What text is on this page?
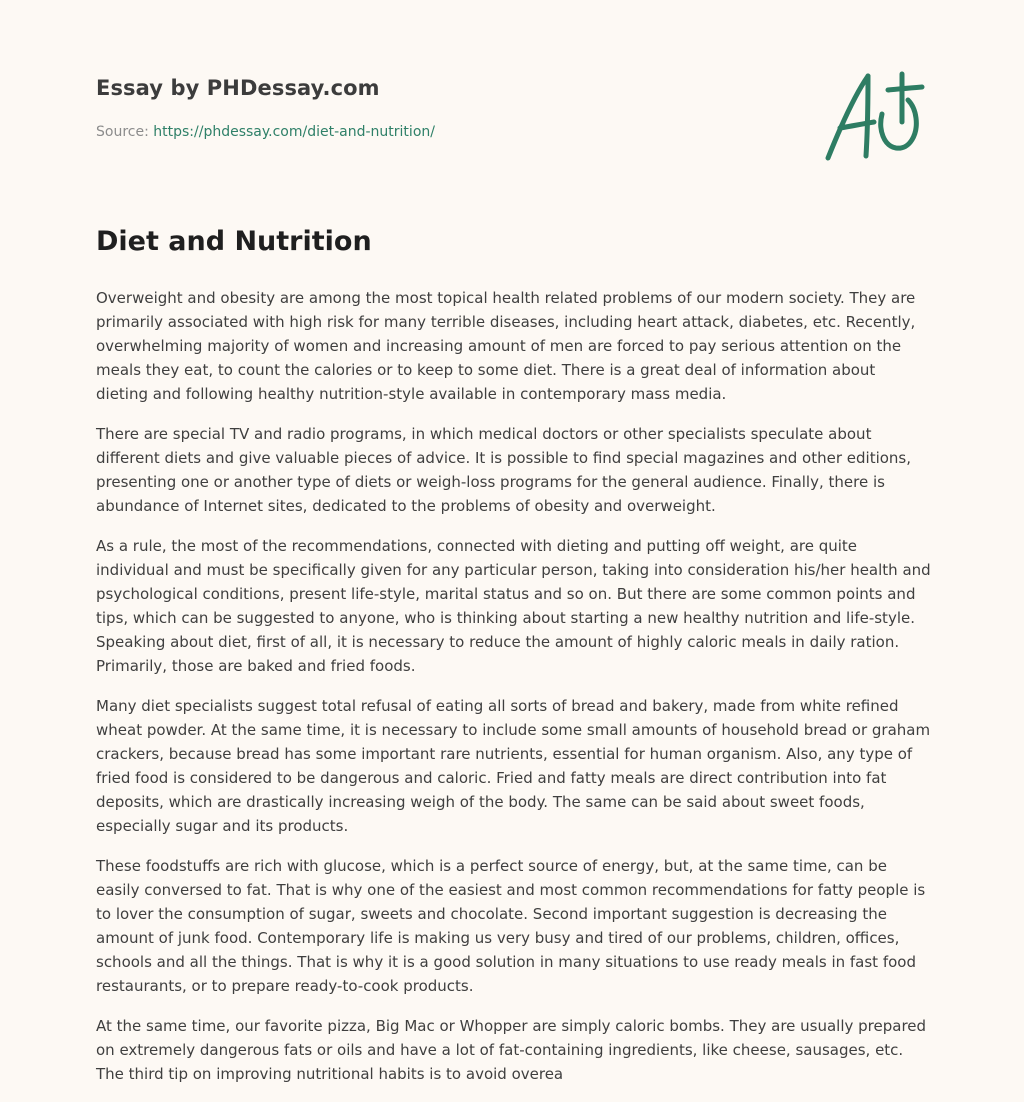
Essay by PHDessay.com
Source: https://phdessay.com/diet-and-nutrition/
Diet and Nutrition

Overweight and obesity are among the most topical health related problems of our modern society. They are primarily associated with high risk for many terrible diseases, including heart attack, diabetes, etc. Recently, overwhelming majority of women and increasing amount of men are forced to pay serious attention on the meals they eat, to count the calories or to keep to some diet. There is a great deal of information about dieting and following healthy nutrition-style available in contemporary mass media.

There are special TV and radio programs, in which medical doctors or other specialists speculate about different diets and give valuable pieces of advice. It is possible to find special magazines and other editions, presenting one or another type of diets or weigh-loss programs for the general audience. Finally, there is abundance of Internet sites, dedicated to the problems of obesity and overweight.

As a rule, the most of the recommendations, connected with dieting and putting off weight, are quite individual and must be specifically given for any particular person, taking into consideration his/her health and psychological conditions, present life-style, marital status and so on. But there are some common points and tips, which can be suggested to anyone, who is thinking about starting a new healthy nutrition and life-style. Speaking about diet, first of all, it is necessary to reduce the amount of highly caloric meals in daily ration. Primarily, those are baked and fried foods.

Many diet specialists suggest total refusal of eating all sorts of bread and bakery, made from white refined wheat powder. At the same time, it is necessary to include some small amounts of household bread or graham crackers, because bread has some important rare nutrients, essential for human organism. Also, any type of fried food is considered to be dangerous and caloric. Fried and fatty meals are direct contribution into fat deposits, which are drastically increasing weigh of the body. The same can be said about sweet foods, especially sugar and its products.

These foodstuffs are rich with glucose, which is a perfect source of energy, but, at the same time, can be easily conversed to fat. That is why one of the easiest and most common recommendations for fatty people is to lover the consumption of sugar, sweets and chocolate. Second important suggestion is decreasing the amount of junk food. Contemporary life is making us very busy and tired of our problems, children, offices, schools and all the things. That is why it is a good solution in many situations to use ready meals in fast food restaurants, or to prepare ready-to-cook products.

At the same time, our favorite pizza, Big Mac or Whopper are simply caloric bombs. They are usually prepared on extremely dangerous fats or oils and have a lot of fat-containing ingredients, like cheese, sausages, etc. The third tip on improving nutritional habits is to avoid overea
